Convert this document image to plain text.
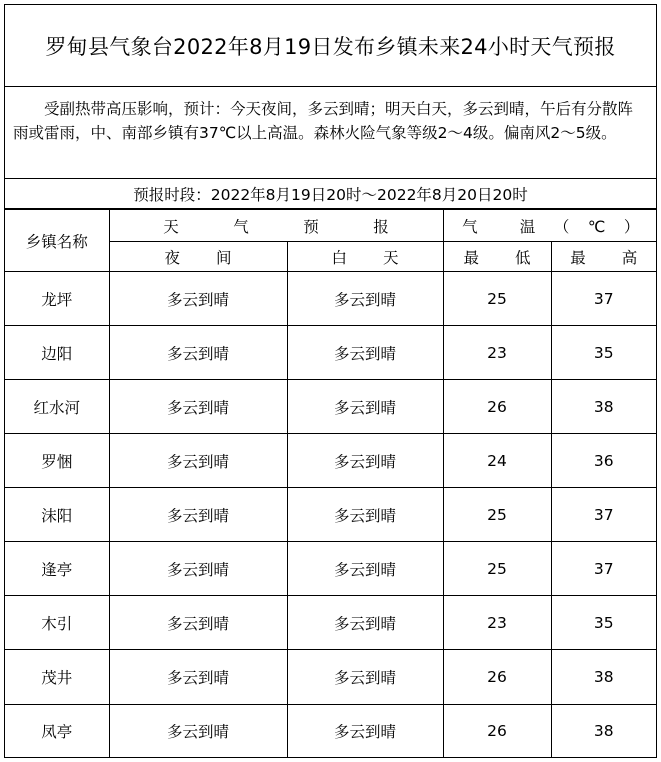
罗甸县气象台2022年8月19日发布乡镇未来24小时天气预报
受副热带高压影响，预计：今天夜间，多云到晴；明天白天，多云到晴，午后有分散阵雨或雷雨，中、南部乡镇有37℃以上高温。森林火险气象等级2～4级。偏南风2～5级。
预报时段：2022年8月19日20时～2022年8月20日20时
乡镇名称	天 气 预 报		气 温（℃）	
	夜 间	白 天	最 低	最 高
龙坪	多云到晴	多云到晴	25	37
边阳	多云到晴	多云到晴	23	35
红水河	多云到晴	多云到晴	26	38
罗悃	多云到晴	多云到晴	24	36
沫阳	多云到晴	多云到晴	25	37
逢亭	多云到晴	多云到晴	25	37
木引	多云到晴	多云到晴	23	35
茂井	多云到晴	多云到晴	26	38
凤亭	多云到晴	多云到晴	26	38
